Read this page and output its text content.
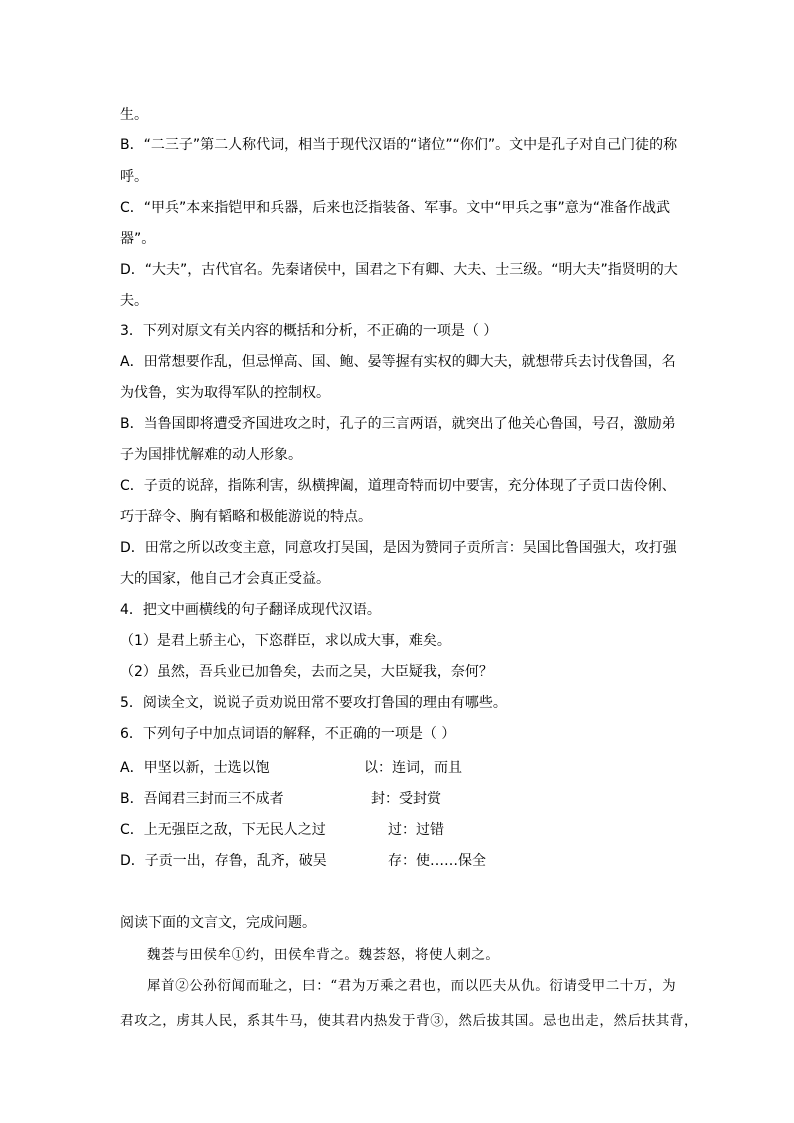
生。
B．“二三子”第二人称代词，相当于现代汉语的“诸位”“你们”。文中是孔子对自己门徒的称
呼。
C．“甲兵”本来指铠甲和兵器，后来也泛指装备、军事。文中“甲兵之事”意为“准备作战武
器”。
D．“大夫”，古代官名。先秦诸侯中，国君之下有卿、大夫、士三级。“明大夫”指贤明的大
夫。
3．下列对原文有关内容的概括和分析，不正确的一项是（ ）
A．田常想要作乱，但忌惮高、国、鲍、晏等握有实权的卿大夫，就想带兵去讨伐鲁国，名
为伐鲁，实为取得军队的控制权。
B．当鲁国即将遭受齐国进攻之时，孔子的三言两语，就突出了他关心鲁国，号召，激励弟
子为国排忧解难的动人形象。
C．子贡的说辞，指陈利害，纵横捭阖，道理奇特而切中要害，充分体现了子贡口齿伶俐、
巧于辞令、胸有韬略和极能游说的特点。
D．田常之所以改变主意，同意攻打吴国，是因为赞同子贡所言：吴国比鲁国强大，攻打强
大的国家，他自己才会真正受益。
4．把文中画横线的句子翻译成现代汉语。
（1）是君上骄主心，下恣群臣，求以成大事，难矣。
（2）虽然，吾兵业已加鲁矣，去而之吴，大臣疑我，奈何？
5．阅读全文，说说子贡劝说田常不要攻打鲁国的理由有哪些。
6．下列句子中加点词语的解释，不正确的一项是（ ）
A．甲坚以新，士选以饱	以：连词，而且
B．吾闻君三封而三不成者	封：受封赏
C．上无强臣之敌，下无民人之过	过：过错
D．子贡一出，存鲁，乱齐，破吴	存：使……保全
阅读下面的文言文，完成问题。
魏荟与田侯牟①约，田侯牟背之。魏荟怒，将使人刺之。
犀首②公孙衍闻而耻之，曰：“君为万乘之君也，而以匹夫从仇。衍请受甲二十万，为
君攻之，虏其人民，系其牛马，使其君内热发于背③，然后拔其国。忌也出走，然后扶其背，
